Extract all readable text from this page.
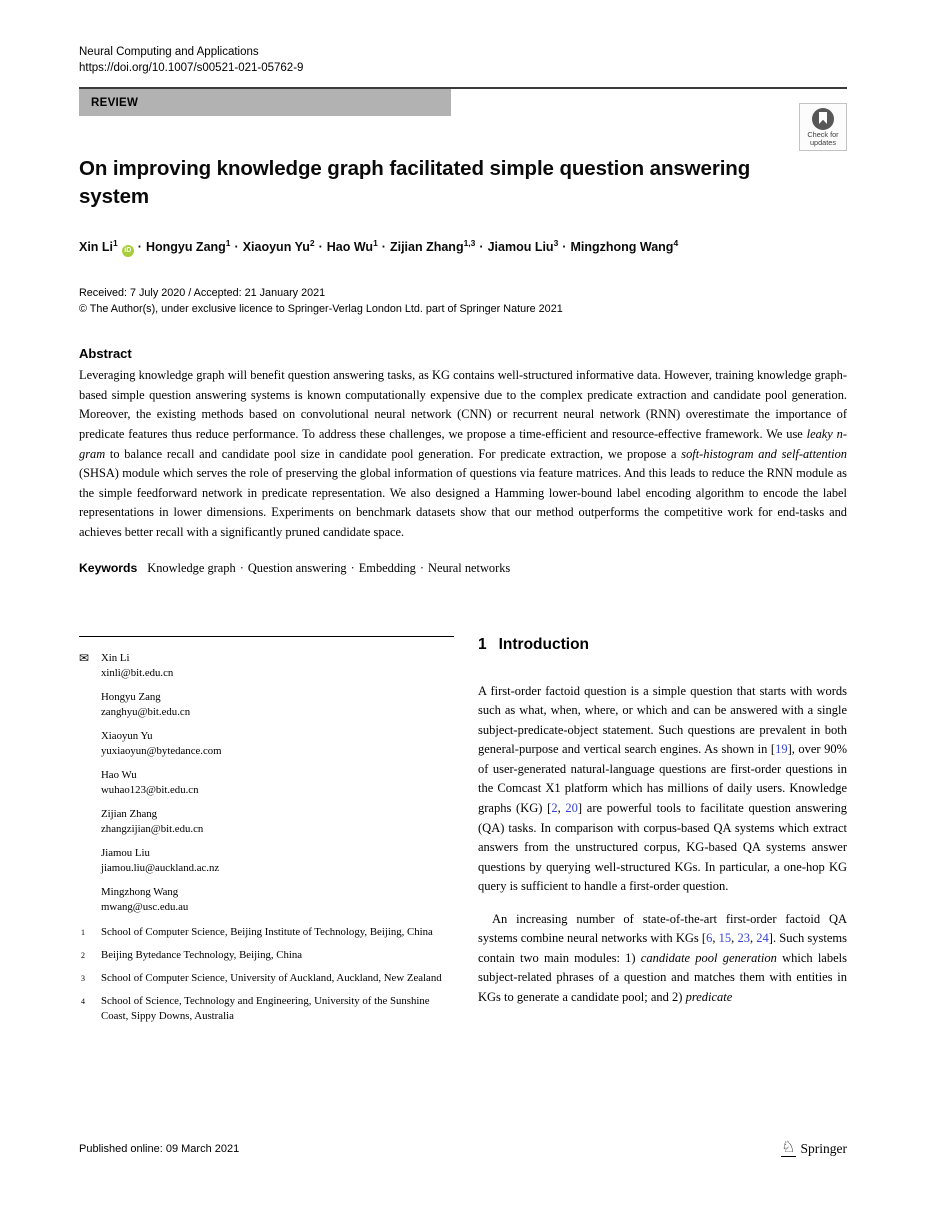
Neural Computing and Applications
https://doi.org/10.1007/s00521-021-05762-9
REVIEW
On improving knowledge graph facilitated simple question answering system
Xin $Li^1iD$ · Hongyu Zang$^1$ · Xiaoyun $Yu^2$ · Hao $Wu^1$ · Zijian Zhang$^{1,3}$ · Jiamou Liu$^3$ · Mingzhong Wang$^4$
Received: 7 July 2020 / Accepted: 21 January 2021
© The Author(s), under exclusive licence to Springer-Verlag London Ltd. part of Springer Nature 2021
Abstract
Leveraging knowledge graph will benefit question answering tasks, as KG contains well-structured informative data. However, training knowledge graph-based simple question answering systems is known computationally expensive due to the complex predicate extraction and candidate pool generation. Moreover, the existing methods based on convolutional neural network (CNN) or recurrent neural network (RNN) overestimate the importance of predicate features thus reduce performance. To address these challenges, we propose a time-efficient and resource-effective framework. We use leaky n-gram to balance recall and candidate pool size in candidate pool generation. For predicate extraction, we propose a soft-histogram and self-attention (SHSA) module which serves the role of preserving the global information of questions via feature matrices. And this leads to reduce the RNN module as the simple feedforward network in predicate representation. We also designed a Hamming lower-bound label encoding algorithm to encode the label representations in lower dimensions. Experiments on benchmark datasets show that our method outperforms the competitive work for end-tasks and achieves better recall with a significantly pruned candidate space.
Keywords Knowledge graph · Question answering · Embedding · Neural networks
✉ Xin Li
xinli@bit.edu.cn
Hongyu Zang
zanghyu@bit.edu.cn
Xiaoyun Yu
yuxiaoyun@bytedance.com
Hao Wu
wuhao123@bit.edu.cn
Zijian Zhang
zhangzijian@bit.edu.cn
Jiamou Liu
jiamou.liu@auckland.ac.nz
Mingzhong Wang
mwang@usc.edu.au
1 School of Computer Science, Beijing Institute of Technology, Beijing, China
2 Beijing Bytedance Technology, Beijing, China
3 School of Computer Science, University of Auckland, Auckland, New Zealand
4 School of Science, Technology and Engineering, University of the Sunshine Coast, Sippy Downs, Australia
1 Introduction

A first-order factoid question is a simple question that starts with words such as what, when, where, or which and can be answered with a single subject-predicate-object statement. Such questions are prevalent in both general-purpose and vertical search engines. As shown in [19], over 90% of user-generated natural-language questions are first-order questions in the Comcast X1 platform which has millions of daily users. Knowledge graphs (KG) [2, 20] are powerful tools to facilitate question answering (QA) tasks. In comparison with corpus-based QA systems which extract answers from the unstructured corpus, KG-based QA systems answer questions by querying well-structured KGs. In particular, a one-hop KG query is sufficient to handle a first-order question.

An increasing number of state-of-the-art first-order factoid QA systems combine neural networks with KGs [6, 15, 23, 24]. Such systems contain two main modules: 1) candidate pool generation which labels subject-related phrases of a question and matches them with entities in KGs to generate a candidate pool; and 2) predicate

Check for
updates
Published online: 09 March 2021	♘ Springer
